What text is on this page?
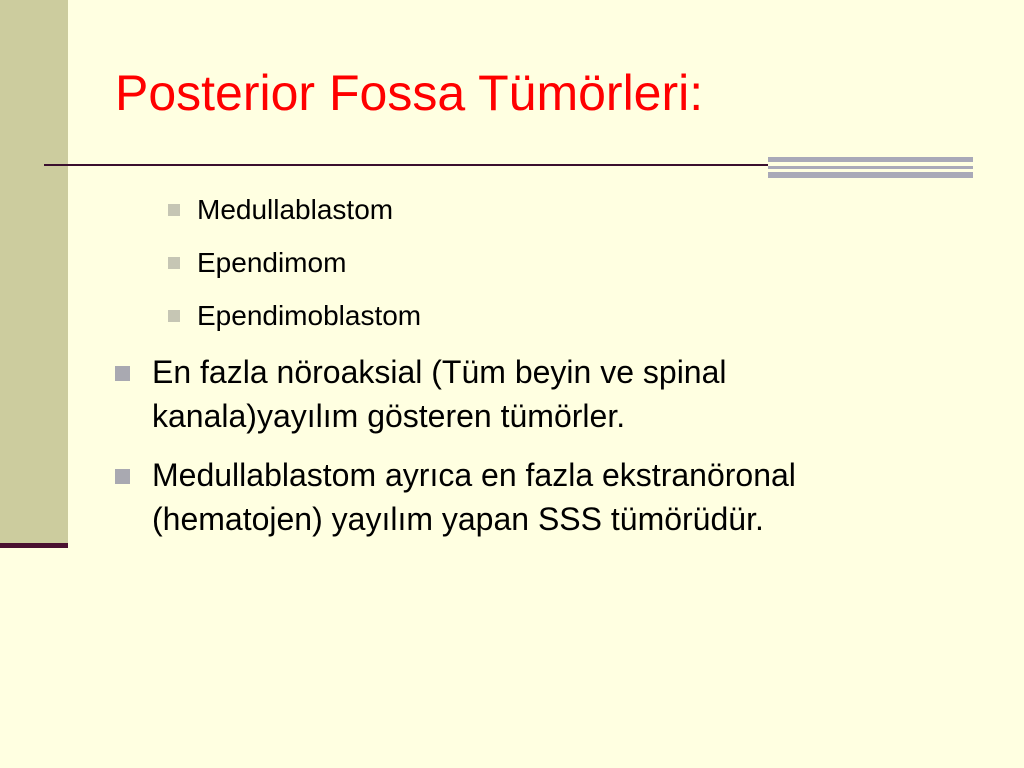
Posterior Fossa Tümörleri:
Medullablastom
Ependimom
Ependimoblastom
En fazla nöroaksial (Tüm beyin ve spinal
kanala)yayılım gösteren tümörler.
Medullablastom ayrıca en fazla ekstranöronal
(hematojen) yayılım yapan SSS tümörüdür.
